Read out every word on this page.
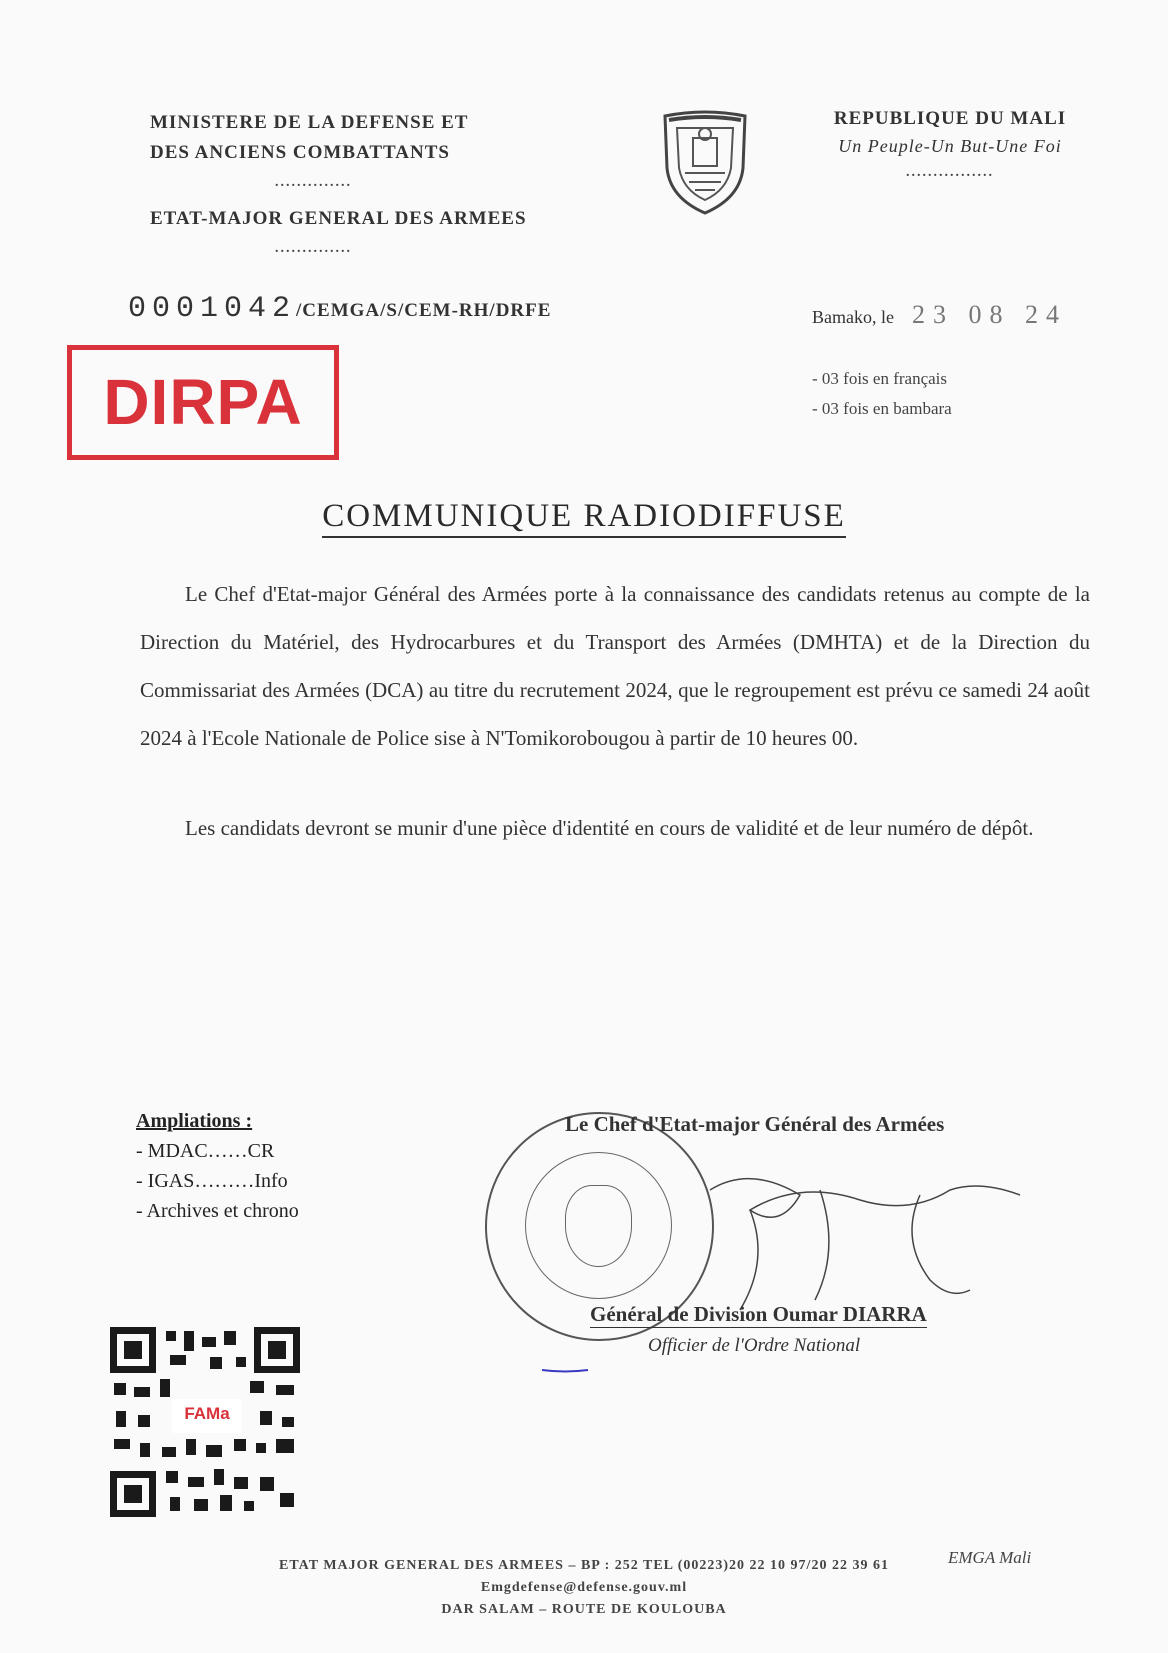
MINISTERE DE LA DEFENSE ET
DES ANCIENS COMBATTANTS
..............
ETAT-MAJOR GENERAL DES ARMEES
..............
REPUBLIQUE DU MALI
Un Peuple-Un But-Une Foi
................
0001042/CEMGA/S/CEM-RH/DRFE	Bamako, le 23 08 24
- 03 fois en français
- 03 fois en bambara
DIRPA
COMMUNIQUE RADIODIFFUSE

Le Chef d'Etat-major Général des Armées porte à la connaissance des candidats retenus au compte de la Direction du Matériel, des Hydrocarbures et du Transport des Armées (DMHTA) et de la Direction du Commissariat des Armées (DCA) au titre du recrutement 2024, que le regroupement est prévu ce samedi 24 août 2024 à l'Ecole Nationale de Police sise à N'Tomikorobougou à partir de 10 heures 00.

Les candidats devront se munir d'une pièce d'identité en cours de validité et de leur numéro de dépôt.

Ampliations :
- MDAC……CR
- IGAS………Info
- Archives et chrono
Le Chef d'Etat-major Général des Armées
Général de Division Oumar DIARRA
Officier de l'Ordre National
FAMa
EMGA Mali
ETAT MAJOR GENERAL DES ARMEES – BP : 252 TEL (00223)20 22 10 97/20 22 39 61
Emgdefense@defense.gouv.ml
DAR SALAM – ROUTE DE KOULOUBA
